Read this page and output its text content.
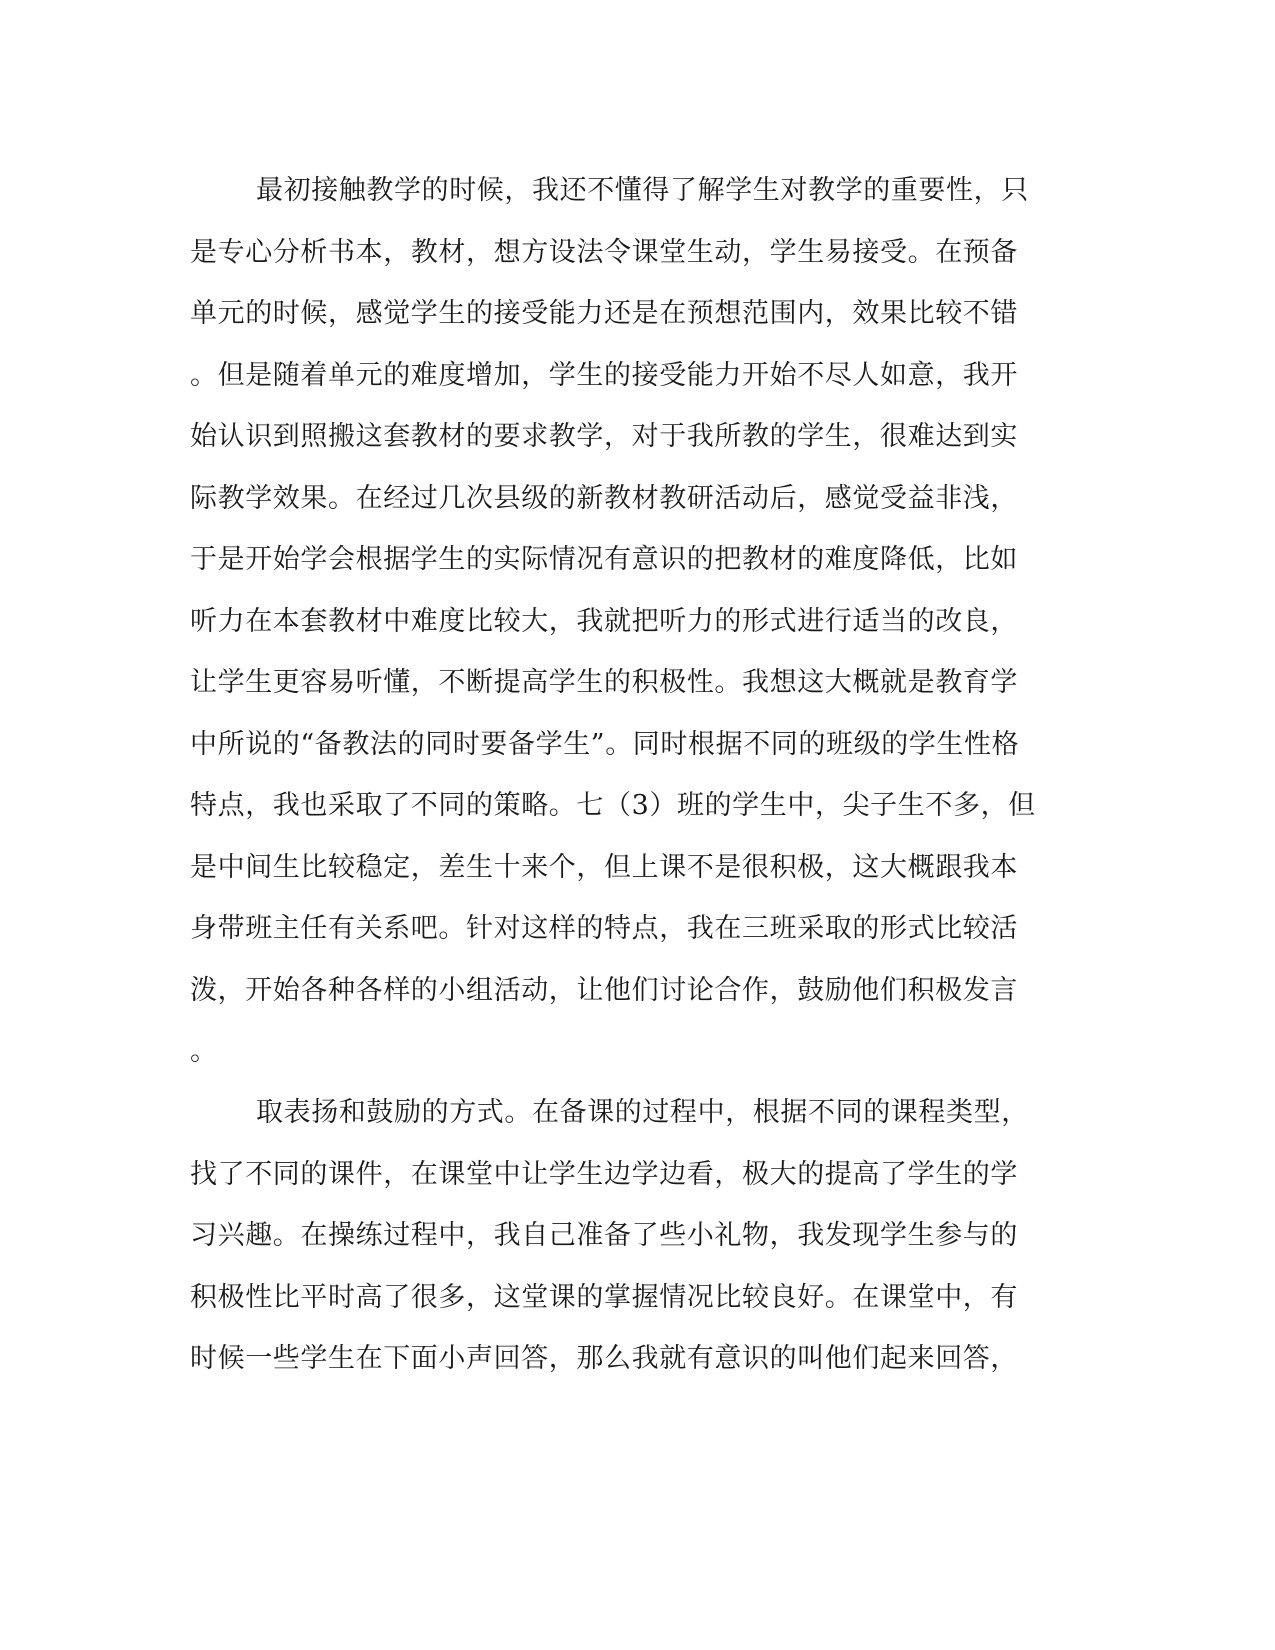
最初接触教学的时候，我还不懂得了解学生对教学的重要性，只
是专心分析书本，教材，想方设法令课堂生动，学生易接受。在预备
单元的时候，感觉学生的接受能力还是在预想范围内，效果比较不错
。但是随着单元的难度增加，学生的接受能力开始不尽人如意，我开
始认识到照搬这套教材的要求教学，对于我所教的学生，很难达到实
际教学效果。在经过几次县级的新教材教研活动后，感觉受益非浅，
于是开始学会根据学生的实际情况有意识的把教材的难度降低，比如
听力在本套教材中难度比较大，我就把听力的形式进行适当的改良，
让学生更容易听懂，不断提高学生的积极性。我想这大概就是教育学
中所说的“备教法的同时要备学生”。同时根据不同的班级的学生性格
特点，我也采取了不同的策略。七（3）班的学生中，尖子生不多，但
是中间生比较稳定，差生十来个，但上课不是很积极，这大概跟我本
身带班主任有关系吧。针对这样的特点，我在三班采取的形式比较活
泼，开始各种各样的小组活动，让他们讨论合作，鼓励他们积极发言
。
取表扬和鼓励的方式。在备课的过程中，根据不同的课程类型，
找了不同的课件，在课堂中让学生边学边看，极大的提高了学生的学
习兴趣。在操练过程中，我自己准备了些小礼物，我发现学生参与的
积极性比平时高了很多，这堂课的掌握情况比较良好。在课堂中，有
时候一些学生在下面小声回答，那么我就有意识的叫他们起来回答，
